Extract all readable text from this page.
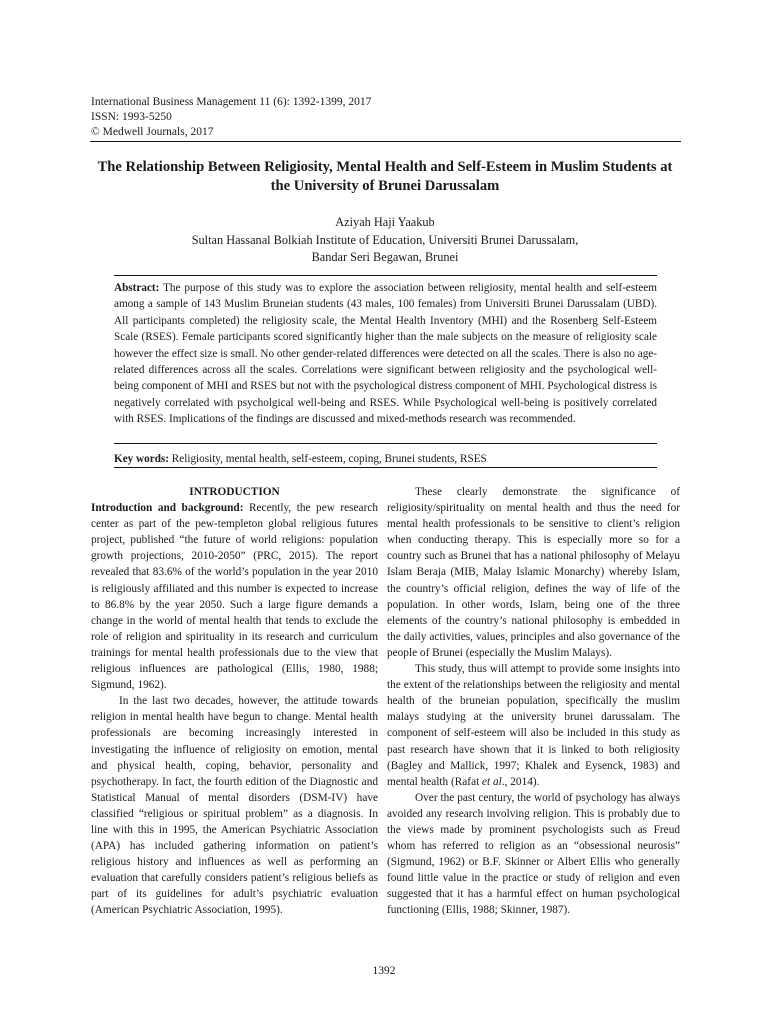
International Business Management 11 (6): 1392-1399, 2017
ISSN: 1993-5250
© Medwell Journals, 2017
The Relationship Between Religiosity, Mental Health and Self-Esteem in Muslim Students at the University of Brunei Darussalam
Aziyah Haji Yaakub
Sultan Hassanal Bolkiah Institute of Education, Universiti Brunei Darussalam,
Bandar Seri Begawan, Brunei
Abstract: The purpose of this study was to explore the association between religiosity, mental health and self-esteem among a sample of 143 Muslim Bruneian students (43 males, 100 females) from Universiti Brunei Darussalam (UBD). All participants completed) the religiosity scale, the Mental Health Inventory (MHI) and the Rosenberg Self-Esteem Scale (RSES). Female participants scored significantly higher than the male subjects on the measure of religiosity scale however the effect size is small. No other gender-related differences were detected on all the scales. There is also no age-related differences across all the scales. Correlations were significant between religiosity and the psychological well-being component of MHI and RSES but not with the psychological distress component of MHI. Psychological distress is negatively correlated with psycholgical well-being and RSES. While Psychological well-being is positively correlated with RSES. Implications of the findings are discussed and mixed-methods research was recommended.
Key words: Religiosity, mental health, self-esteem, coping, Brunei students, RSES

INTRODUCTION

Introduction and background: Recently, the pew research center as part of the pew-templeton global religious futures project, published “the future of world religions: population growth projections, 2010-2050” (PRC, 2015). The report revealed that 83.6% of the world’s population in the year 2010 is religiously affiliated and this number is expected to increase to 86.8% by the year 2050. Such a large figure demands a change in the world of mental health that tends to exclude the role of religion and spirituality in its research and curriculum trainings for mental health professionals due to the view that religious influences are pathological (Ellis, 1980, 1988; Sigmund, 1962).

In the last two decades, however, the attitude towards religion in mental health have begun to change. Mental health professionals are becoming increasingly interested in investigating the influence of religiosity on emotion, mental and physical health, coping, behavior, personality and psychotherapy. In fact, the fourth edition of the Diagnostic and Statistical Manual of mental disorders (DSM-IV) have classified “religious or spiritual problem” as a diagnosis. In line with this in 1995, the American Psychiatric Association (APA) has included gathering information on patient’s religious history and influences as well as performing an evaluation that carefully considers patient’s religious beliefs as part of its guidelines for adult’s psychiatric evaluation (American Psychiatric Association, 1995).

These clearly demonstrate the significance of religiosity/spirituality on mental health and thus the need for mental health professionals to be sensitive to client’s religion when conducting therapy. This is especially more so for a country such as Brunei that has a national philosophy of Melayu Islam Beraja (MIB, Malay Islamic Monarchy) whereby Islam, the country’s official religion, defines the way of life of the population. In other words, Islam, being one of the three elements of the country’s national philosophy is embedded in the daily activities, values, principles and also governance of the people of Brunei (especially the Muslim Malays).

This study, thus will attempt to provide some insights into the extent of the relationships between the religiosity and mental health of the bruneian population, specifically the muslim malays studying at the university brunei darussalam. The component of self-esteem will also be included in this study as past research have shown that it is linked to both religiosity (Bagley and Mallick, 1997; Khalek and Eysenck, 1983) and mental health (Rafat et al., 2014).

Over the past century, the world of psychology has always avoided any research involving religion. This is probably due to the views made by prominent psychologists such as Freud whom has referred to religion as an “obsessional neurosis” (Sigmund, 1962) or B.F. Skinner or Albert Ellis who generally found little value in the practice or study of religion and even suggested that it has a harmful effect on human psychological functioning (Ellis, 1988; Skinner, 1987).

1392
